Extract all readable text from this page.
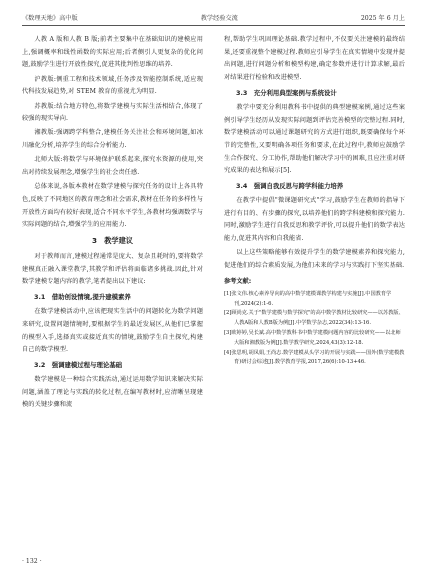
《数理天地》高中版	教学经验交流	2025 年 6 月上

人教 A 版和人教 B 版;前者主要集中在基础知识的建模应用上,强调概率和线性函数的实际应用;后者侧引人更复杂的优化问题,鼓励学生进行开放性探究,促进其批判性思维的培养.

沪教版:侧重工程和技术领域,任务涉及智能控制系统,适应现代科技发展趋势,对 STEM 教育的重视尤为明显.

苏教版:结合地方特色,将数学建模与实际生活相结合,体现了较强的现实导向.

湘教版:强调跨学科整合,建模任务关注社会和环境问题,如冰川融化分析,培养学生的综合分析能力.

北师大版:将数学与环境保护联系起来,探究水资源的使用,突出对持续发展理念,增强学生的社会责任感.

总体来说,各版本教材在数学建模与探究任务的设计上各具特色,反映了不同地区的教育理念和社会需求,教材在任务的多样性与开放性方面均有较好表现,适合不同水平学生,各教材均强调数学与实际问题的结合,增强学生的应用能力.

3　教学建议

对于教师而言,建模过程通常是庞大、复杂且耗时的,要将数学建模真正融入课堂教学,其教学和评估将面临诸多挑战.因此,针对数学建模专题内容的教学,笔者提出以下建议:

3.1　借助创设情境,提升建模素养

在数学建模活动中,应该把现实生活中的问题转化为数学问题来研究,设置问题情境时,要根据学生的最近发展区,从他们已掌握的模型入手,选择真实或接近真实的情境,鼓励学生自主探究,构建自己的数学模型.

3.2　强调建模过程与理论基础

数学建模是一种综合实践活动,通过运用数学知识来解决实际问题,涵盖了理论与实践的转化过程,在编写教材时,应清晰呈现建模的关键步骤和流

程,帮助学生巩固理论基础.教学过程中,不仅要关注建模的最终结果,还要重视整个建模过程.教师应引导学生在真实情境中发现并提出问题,进行问题分析和模型构建,确定参数并进行计算求解,最后对结果进行检验和改进模型.

3.3　充分利用典型案例与系统设计

教学中要充分利用教科书中提供的典型建模案例,通过这些案例引导学生经历从发现实际问题到评估完善模型的完整过程.同时,数学建模活动可以通过课题研究的方式进行组织,既要确保每个环节的完整性,又要明确各项任务和要求,在此过程中,教师应鼓励学生合作探究、分工协作,帮助他们解决学习中的困难,且应注重对研究成果的表达和展示[5].

3.4　强调自我反思与跨学科能力培养

在教学中提倡"微课题研究式"学习,鼓励学生在教师的指导下进行有目的、有步骤的探究,以培养他们的跨学科建模和探究能力.同时,激励学生进行自我反思和教学评价,可以提升他们的数学表达能力,促进其内容和自我能省.

以上这些策略能够有效提升学生的数学建模素养和探究能力,促进他们的综合素质发展,为他们未来的学习与实践打下坚实基础.

参考文献:

[1]张文伟.核心素养导向的高中数学建模课教学构建与实施[J].中国教育学刊,2024(2):1-6.

[2]顾尚克.关于"数学建模与数学探究"的高中数学教材比较研究——以苏教版、人教A版和人教B版为例[J].中学数学杂志,2022(34):13-16.

[3]欧婷婷,吴长斌.高中数学教科书中数学建模问题内容的比较研究——以北师大版和湘教版为例[J].数学教学研究,2024,43(3):12-18.

[4]张思明,胡凤娟,王尚志.数学建模从头学习的开展与实践——国外(数学建模教育)研讨会综述[J].数学教育学报,2017,26(6):10-13+46.

· 132 ·
